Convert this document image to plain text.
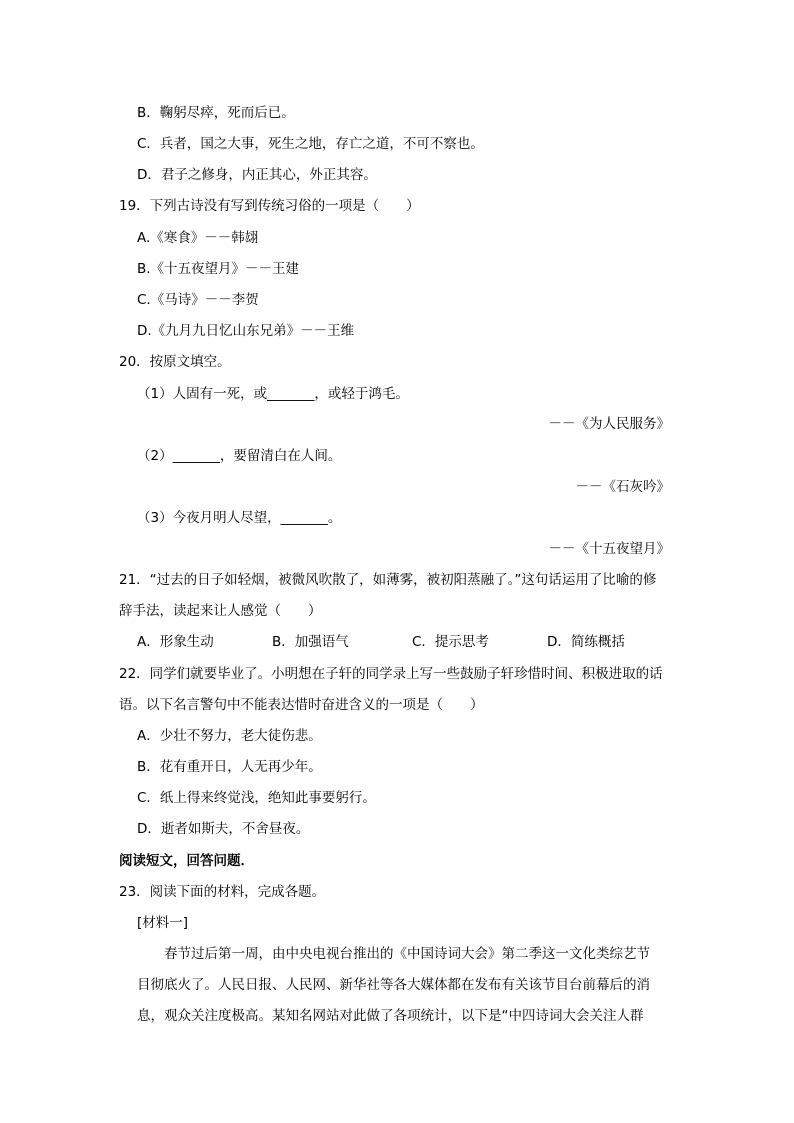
B．鞠躬尽瘁，死而后已。
C．兵者，国之大事，死生之地，存亡之道，不可不察也。
D．君子之修身，内正其心，外正其容。
19．下列古诗没有写到传统习俗的一项是（　　）
A.《寒食》－－韩翃
B.《十五夜望月》－－王建
C.《马诗》－－李贺
D.《九月九日忆山东兄弟》－－王维
20．按原文填空。
（1）人固有一死，或_______，或轻于鸿毛。
－－《为人民服务》
（2）_______，要留清白在人间。
－－《石灰吟》
（3）今夜月明人尽望，_______。
－－《十五夜望月》
21．“过去的日子如轻烟，被微风吹散了，如薄雾，被初阳蒸融了。”这句话运用了比喻的修
辞手法，读起来让人感觉（　　）
A．形象生动	B．加强语气	C．提示思考	D．简练概括
22．同学们就要毕业了。小明想在子轩的同学录上写一些鼓励子轩珍惜时间、积极进取的话
语。以下名言警句中不能表达惜时奋进含义的一项是（　　）
A．少壮不努力，老大徒伤悲。
B．花有重开日，人无再少年。
C．纸上得来终觉浅，绝知此事要躬行。
D．逝者如斯夫，不舍昼夜。
阅读短文，回答问题．
23．阅读下面的材料，完成各题。
[材料一]
春节过后第一周，由中央电视台推出的《中国诗词大会》第二季这一文化类综艺节
目彻底火了。人民日报、人民网、新华社等各大媒体都在发布有关该节目台前幕后的消
息，观众关注度极高。某知名网站对此做了各项统计，以下是“中四诗词大会关注人群
